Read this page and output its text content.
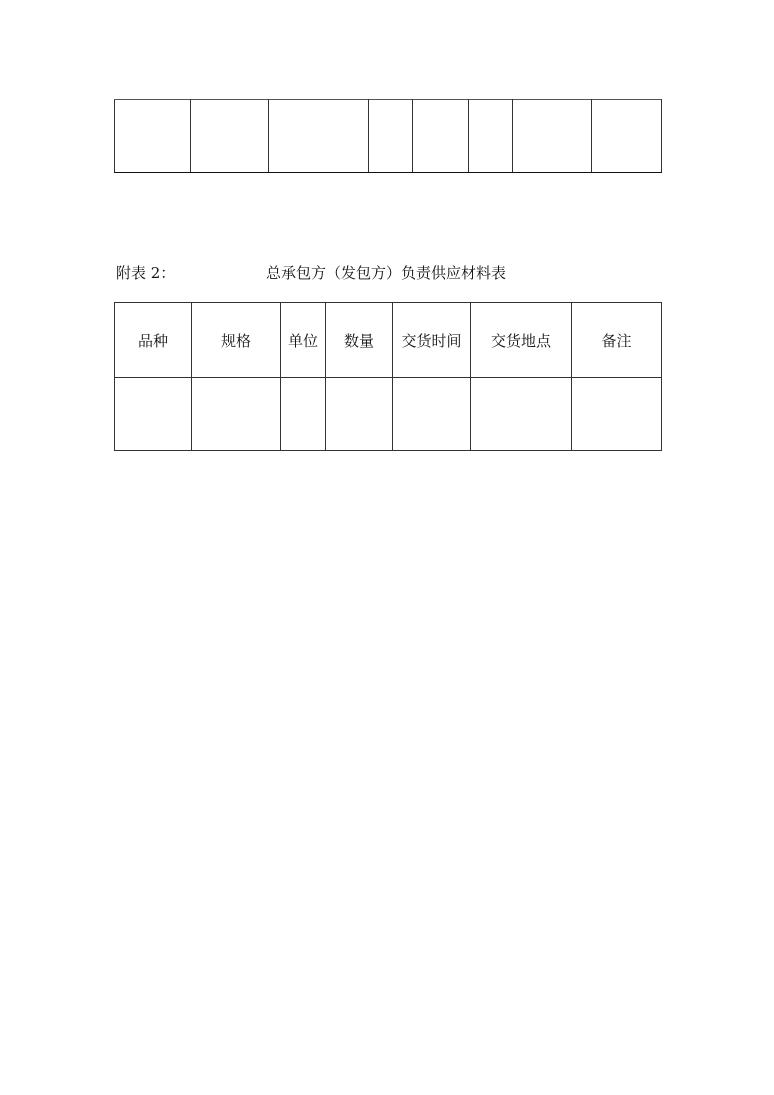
附表 2：	总承包方（发包方）负责供应材料表
品种	规格	单位	数量	交货时间	交货地点	备注
